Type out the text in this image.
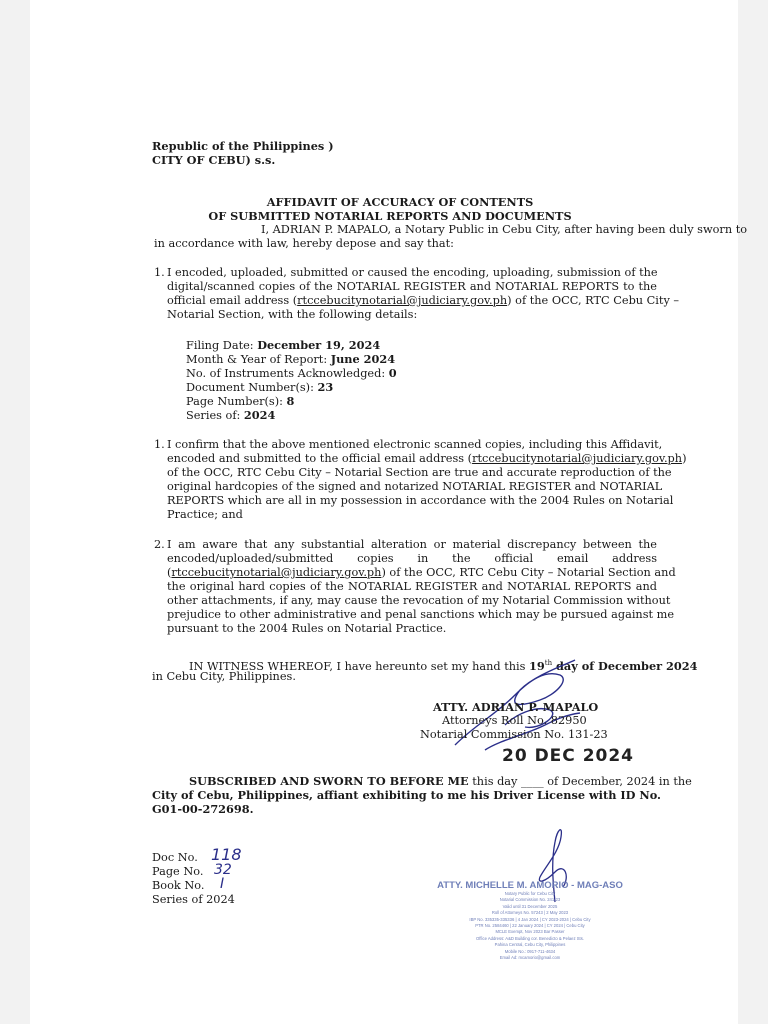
Republic of the Philippines )
CITY OF CEBU) s.s.
AFFIDAVIT OF ACCURACY OF CONTENTS
OF SUBMITTED NOTARIAL REPORTS AND DOCUMENTS
I, ADRIAN P. MAPALO, a Notary Public in Cebu City, after having been duly sworn to
in accordance with law, hereby depose and say that:
1. I encoded, uploaded, submitted or caused the encoding, uploading, submission of the
digital/scanned copies of the NOTARIAL REGISTER and NOTARIAL REPORTS to the
official email address (rtccebucitynotarial@judiciary.gov.ph) of the OCC, RTC Cebu City –
Notarial Section, with the following details:
Filing Date: December 19, 2024
Month & Year of Report: June 2024
No. of Instruments Acknowledged: 0
Document Number(s): 23
Page Number(s): 8
Series of: 2024
1. I confirm that the above mentioned electronic scanned copies, including this Affidavit,
encoded and submitted to the official email address (rtccebucitynotarial@judiciary.gov.ph)
of the OCC, RTC Cebu City – Notarial Section are true and accurate reproduction of the
original hardcopies of the signed and notarized NOTARIAL REGISTER and NOTARIAL
REPORTS which are all in my possession in accordance with the 2004 Rules on Notarial
Practice; and
2. I am aware that any substantial alteration or material discrepancy between the
encoded/uploaded/submitted copies in the official email address
(rtccebucitynotarial@judiciary.gov.ph) of the OCC, RTC Cebu City – Notarial Section and
the original hard copies of the NOTARIAL REGISTER and NOTARIAL REPORTS and
other attachments, if any, may cause the revocation of my Notarial Commission without
prejudice to other administrative and penal sanctions which may be pursued against me
pursuant to the 2004 Rules on Notarial Practice.
IN WITNESS WHEREOF, I have hereunto set my hand this 19th day of December 2024
in Cebu City, Philippines.
ATTY. ADRIAN P. MAPALO
Attorneys Roll No. 82950
Notarial Commission No. 131-23
20 DEC 2024
SUBSCRIBED AND SWORN TO BEFORE ME this day ____ of December, 2024 in the
City of Cebu, Philippines, affiant exhibiting to me his Driver License with ID No.
G01-00-272698.
Doc No. 118
Page No. 32
Book No. I
Series of 2024
ATTY. MICHELLE M. AMORIO - MAG-ASO
Notary Public for Cebu City
Notarial Commission No. 241-23
Valid until 31 December 2025
Roll of Attorneys No. 57243 | 2 May 2023
IBP No. 335335-335336 | 4 Jan 2024 | CY 2023-2024 | Cebu City
PTR No. 2584460 | 22 January 2024 | CY 2024 | Cebu City
MCLE Exempt, Nov 2023 Bar Passer
Office Address: A&D Building cor. Benedicto & Pelaez Sts.
Pahina Central, Cebu City, Philippines
Mobile No.: 0917-711-4634
Email Ad: mcamorio@gmail.com
